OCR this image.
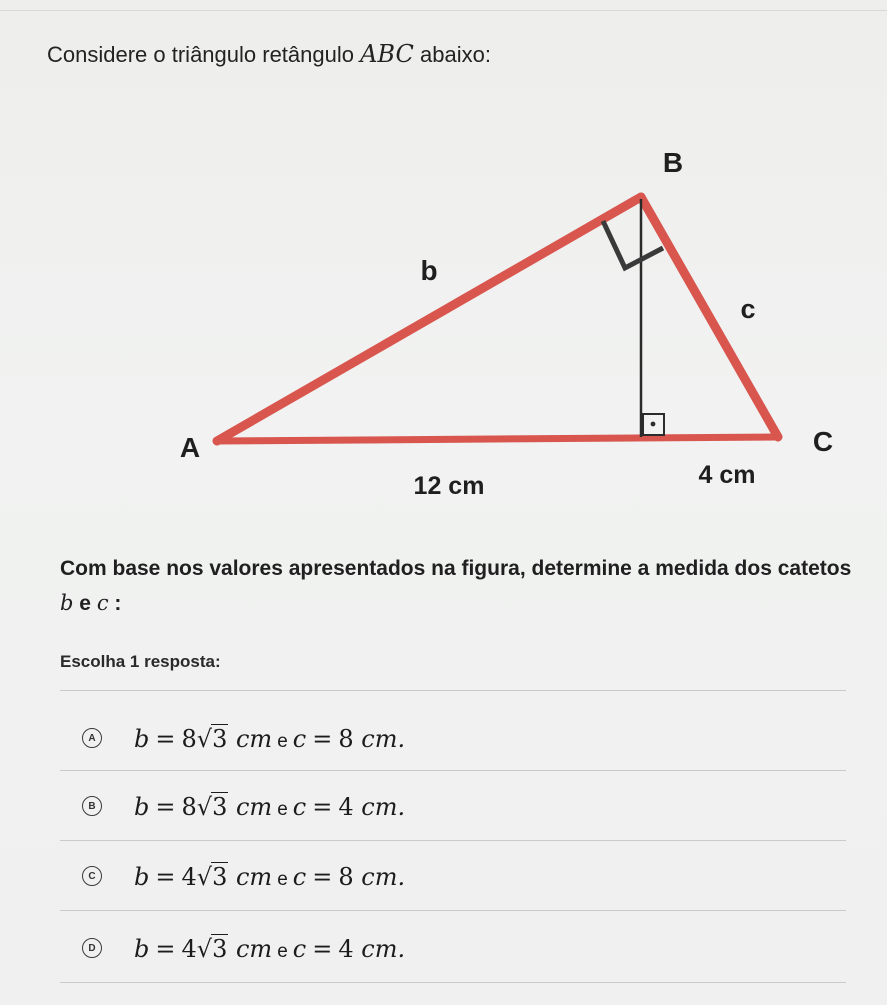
Considere o triângulo retângulo ABC abaixo:
B
b
c
A	C
12 cm	4 cm
Com base nos valores apresentados na figura, determine a medida dos catetos b e c :
Escolha 1 resposta:
A b = 8 √ 3
cm e c = 8
cm.
B b = 8 √ 3
cm e c = 4
cm.
C b = 4 √ 3
cm e c = 8
cm.
D b = 4 √ 3
cm e c = 4
cm.
